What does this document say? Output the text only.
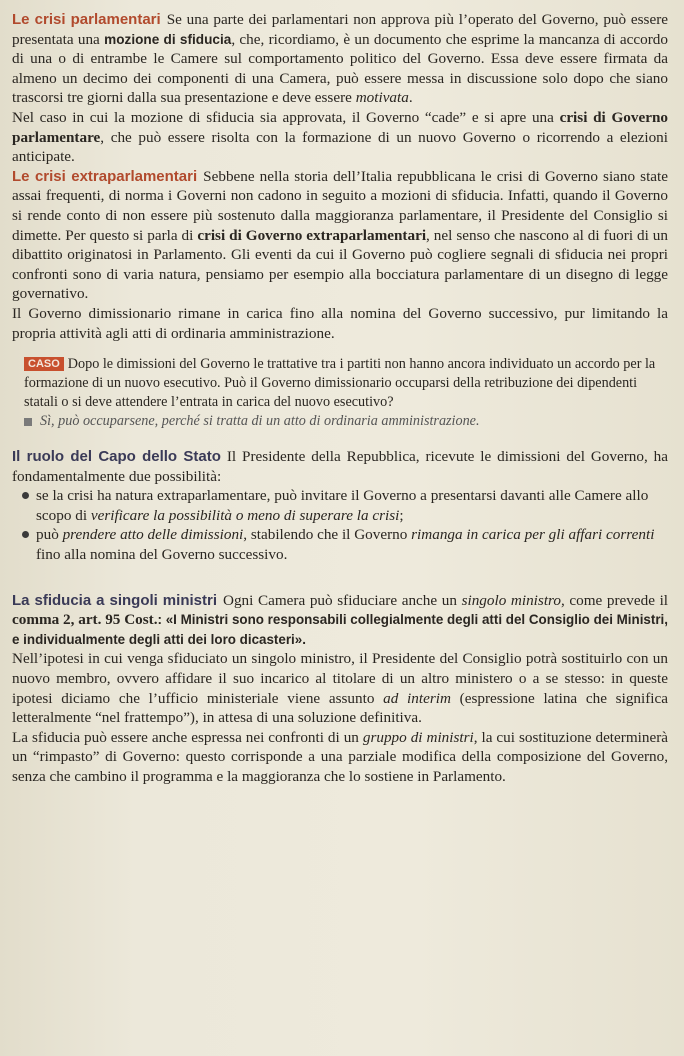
Le crisi parlamentari Se una parte dei parlamentari non approva più l’operato del Governo, può essere presentata una mozione di sfiducia, che, ricordiamo, è un documento che esprime la mancanza di accordo di una o di entrambe le Camere sul comportamento politico del Governo. Essa deve essere firmata da almeno un decimo dei componenti di una Camera, può essere messa in discussione solo dopo che siano trascorsi tre giorni dalla sua presentazione e deve essere motivata.

Nel caso in cui la mozione di sfiducia sia approvata, il Governo “cade” e si apre una crisi di Governo parlamentare, che può essere risolta con la formazione di un nuovo Governo o ricorrendo a elezioni anticipate.

Le crisi extraparlamentari Sebbene nella storia dell’Italia repubblicana le crisi di Governo siano state assai frequenti, di norma i Governi non cadono in seguito a mozioni di sfiducia. Infatti, quando il Governo si rende conto di non essere più sostenuto dalla maggioranza parlamentare, il Presidente del Consiglio si dimette. Per questo si parla di crisi di Governo extraparlamentari, nel senso che nascono al di fuori di un dibattito originatosi in Parlamento. Gli eventi da cui il Governo può cogliere segnali di sfiducia nei propri confronti sono di varia natura, pensiamo per esempio alla bocciatura parlamentare di un disegno di legge governativo.

Il Governo dimissionario rimane in carica fino alla nomina del Governo successivo, pur limitando la propria attività agli atti di ordinaria amministrazione.

CASO Dopo le dimissioni del Governo le trattative tra i partiti non hanno ancora individuato un accordo per la formazione di un nuovo esecutivo. Può il Governo dimissionario occuparsi della retribuzione dei dipendenti statali o si deve attendere l’entrata in carica del nuovo esecutivo?
Sì, può occuparsene, perché si tratta di un atto di ordinaria amministrazione.

Il ruolo del Capo dello Stato Il Presidente della Repubblica, ricevute le dimissioni del Governo, ha fondamentalmente due possibilità:

se la crisi ha natura extraparlamentare, può invitare il Governo a presentarsi davanti alle Camere allo scopo di verificare la possibilità o meno di superare la crisi;
può prendere atto delle dimissioni, stabilendo che il Governo rimanga in carica per gli affari correnti fino alla nomina del Governo successivo.

La sfiducia a singoli ministri Ogni Camera può sfiduciare anche un singolo ministro, come prevede il comma 2, art. 95 Cost.: «I Ministri sono responsabili collegialmente degli atti del Consiglio dei Ministri, e individualmente degli atti dei loro dicasteri».

Nell’ipotesi in cui venga sfiduciato un singolo ministro, il Presidente del Consiglio potrà sostituirlo con un nuovo membro, ovvero affidare il suo incarico al titolare di un altro ministero o a se stesso: in queste ipotesi diciamo che l’ufficio ministeriale viene assunto ad interim (espressione latina che significa letteralmente “nel frattempo”), in attesa di una soluzione definitiva.

La sfiducia può essere anche espressa nei confronti di un gruppo di ministri, la cui sostituzione determinerà un “rimpasto” di Governo: questo corrisponde a una parziale modifica della composizione del Governo, senza che cambino il programma e la maggioranza che lo sostiene in Parlamento.
